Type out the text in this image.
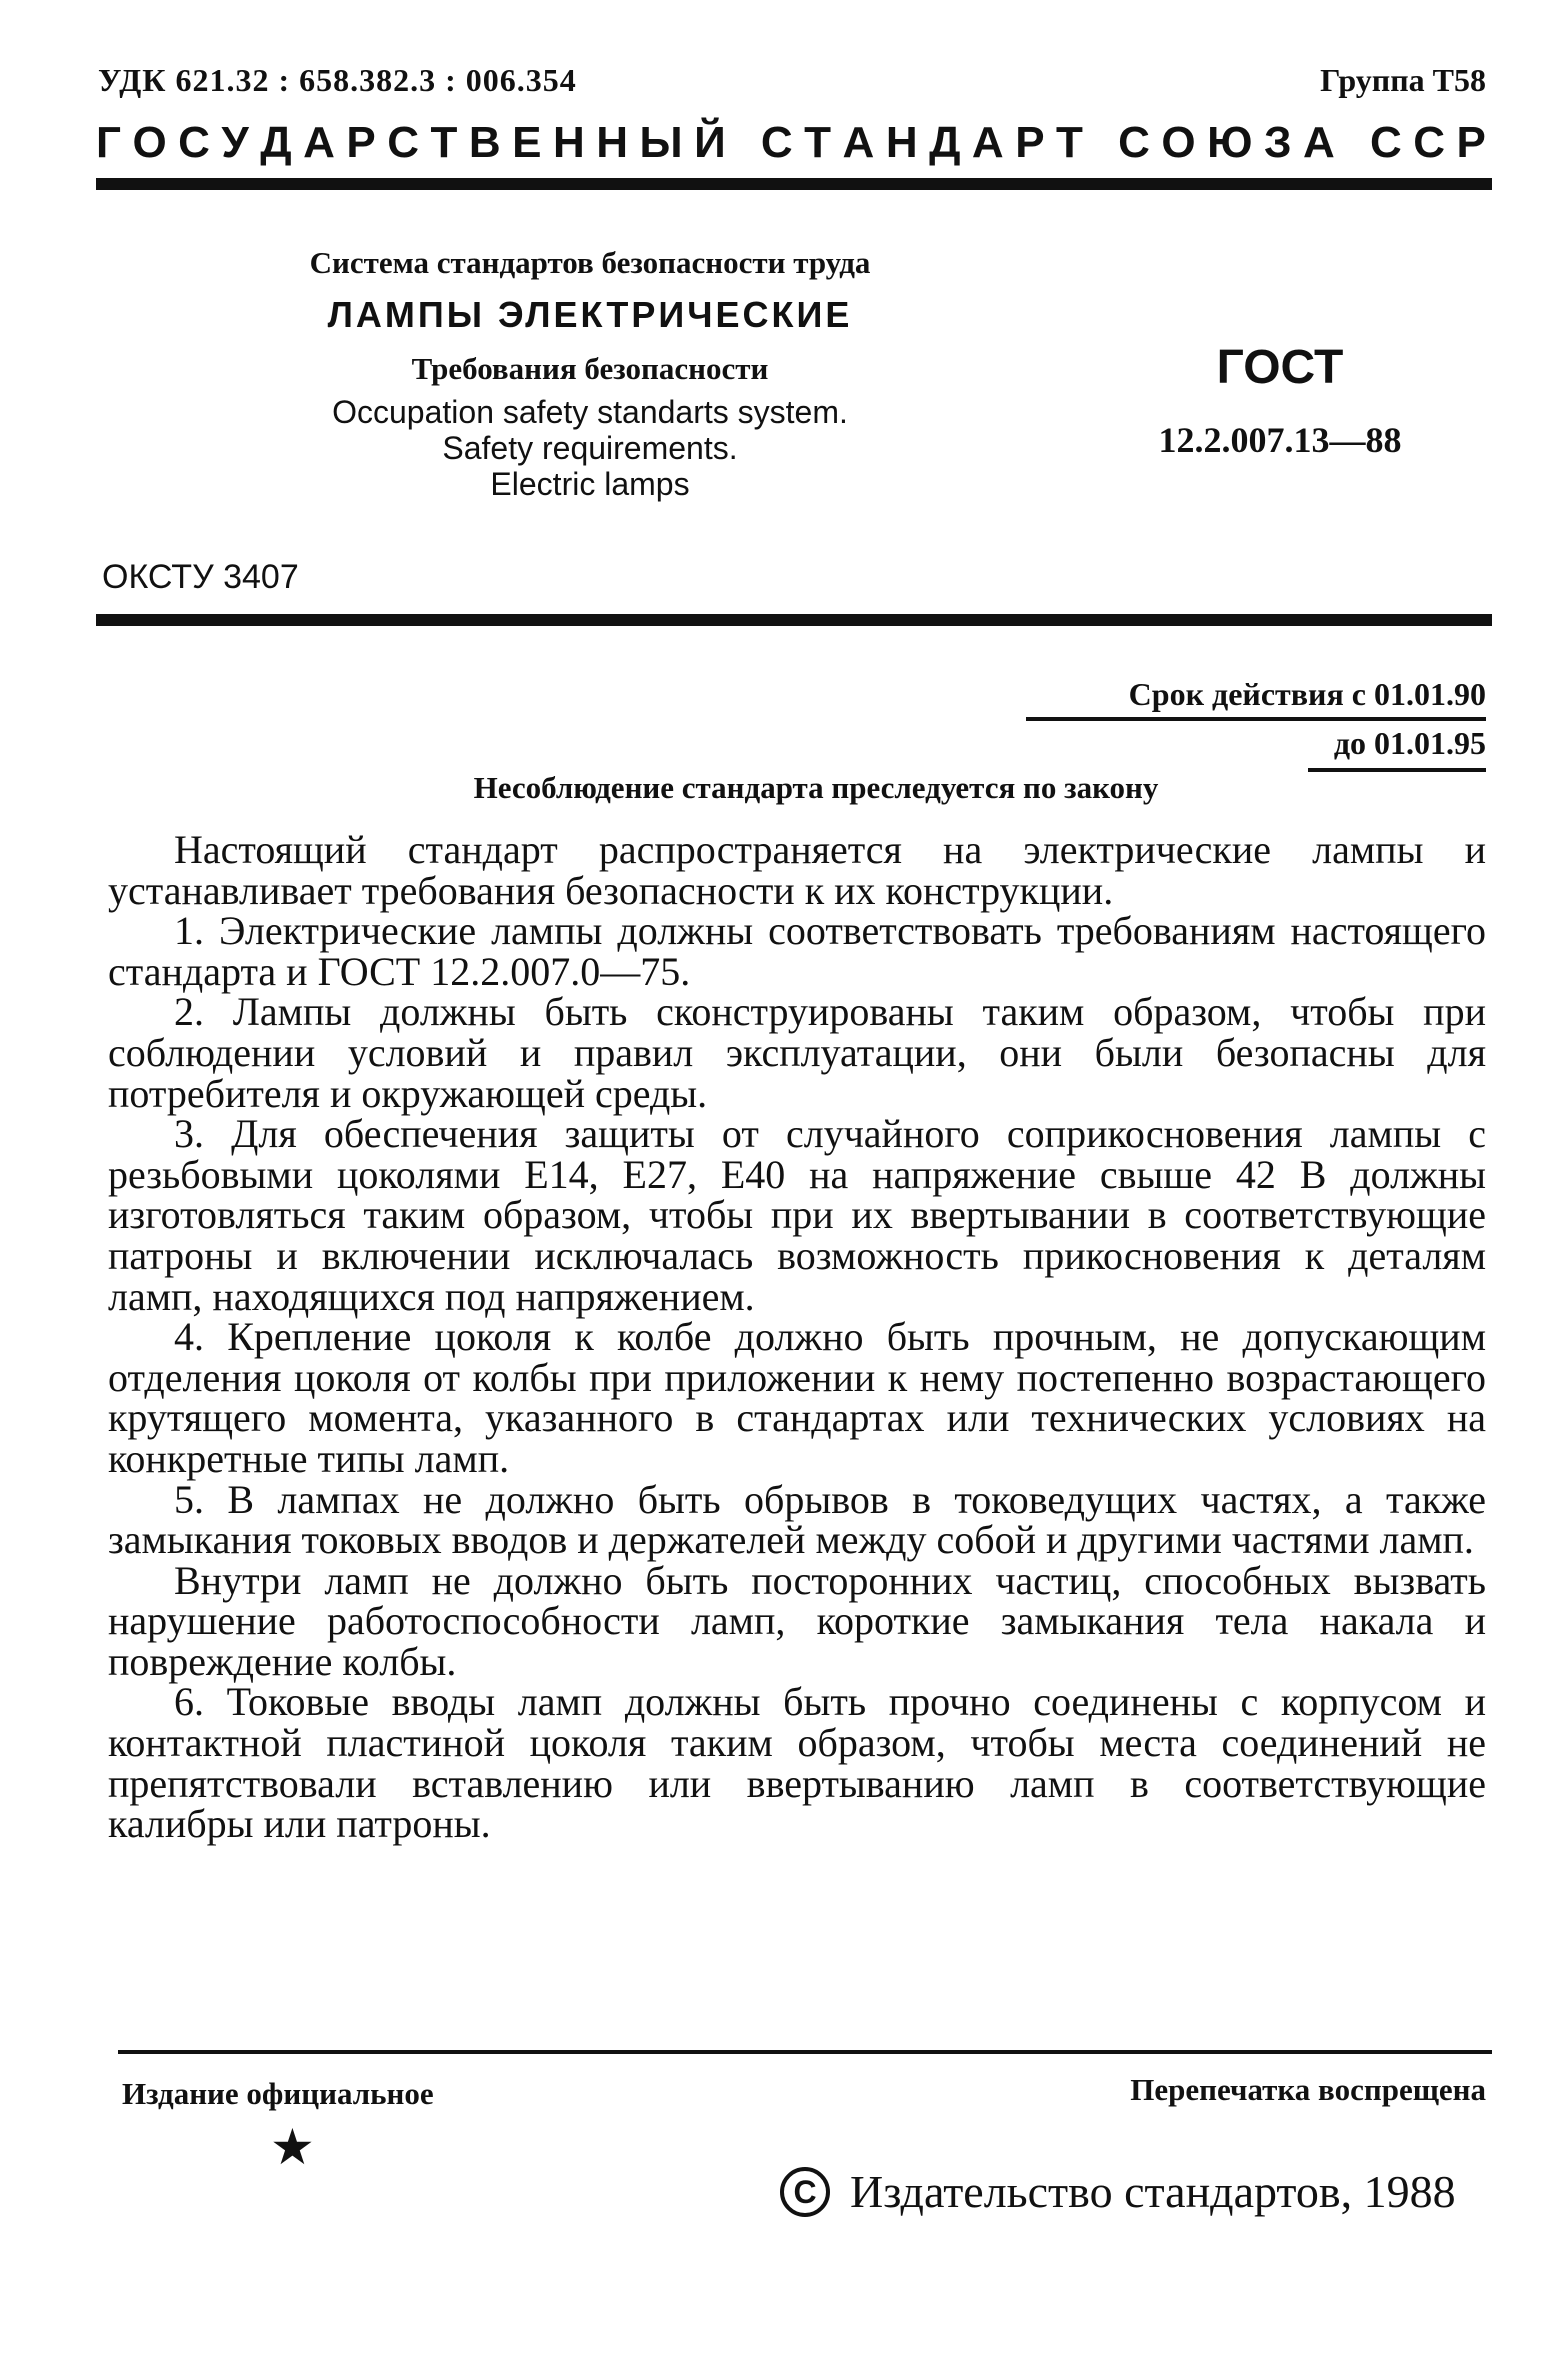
УДК 621.32 : 658.382.3 : 006.354	Группа Т58
Г О С У Д А Р С Т В Е Н Н Ы Й
С Т А Н Д А Р Т
С О Ю З А
С С Р
Система стандартов безопасности труда
ЛАМПЫ ЭЛЕКТРИЧЕСКИЕ
Требования безопасности
Occupation safety standarts system.
Safety requirements.
Electric lamps
ГОСТ
12.2.007.13—88
ОКСТУ 3407
Срок действия с 01.01.90
до 01.01.95
Несоблюдение стандарта преследуется по закону

Настоящий стандарт распространяется на электрические лампы и устанавливает требования безопасности к их конструкции.

1. Электрические лампы должны соответствовать требованиям настоящего стандарта и ГОСТ 12.2.007.0—75.

2. Лампы должны быть сконструированы таким образом, чтобы при соблюдении условий и правил эксплуатации, они были безопасны для потребителя и окружающей среды.

3. Для обеспечения защиты от случайного соприкосновения лампы с резьбовыми цоколями Е14, Е27, Е40 на напряжение свыше 42 В должны изготовляться таким образом, чтобы при их ввертывании в соответствующие патроны и включении исключалась возможность прикосновения к деталям ламп, находящихся под напряжением.

4. Крепление цоколя к колбе должно быть прочным, не допускающим отделения цоколя от колбы при приложении к нему постепенно возрастающего крутящего момента, указанного в стандартах или технических условиях на конкретные типы ламп.

5. В лампах не должно быть обрывов в токоведущих частях, а также замыкания токовых вводов и держателей между собой и другими частями ламп.

Внутри ламп не должно быть посторонних частиц, способных вызвать нарушение работоспособности ламп, короткие замыкания тела накала и повреждение колбы.

6. Токовые вводы ламп должны быть прочно соединены с корпусом и контактной пластиной цоколя таким образом, чтобы места соединений не препятствовали вставлению или ввертыванию ламп в соответствующие калибры или патроны.

Издание официальное	Перепечатка воспрещена
★
C Издательство стандартов, 1988
